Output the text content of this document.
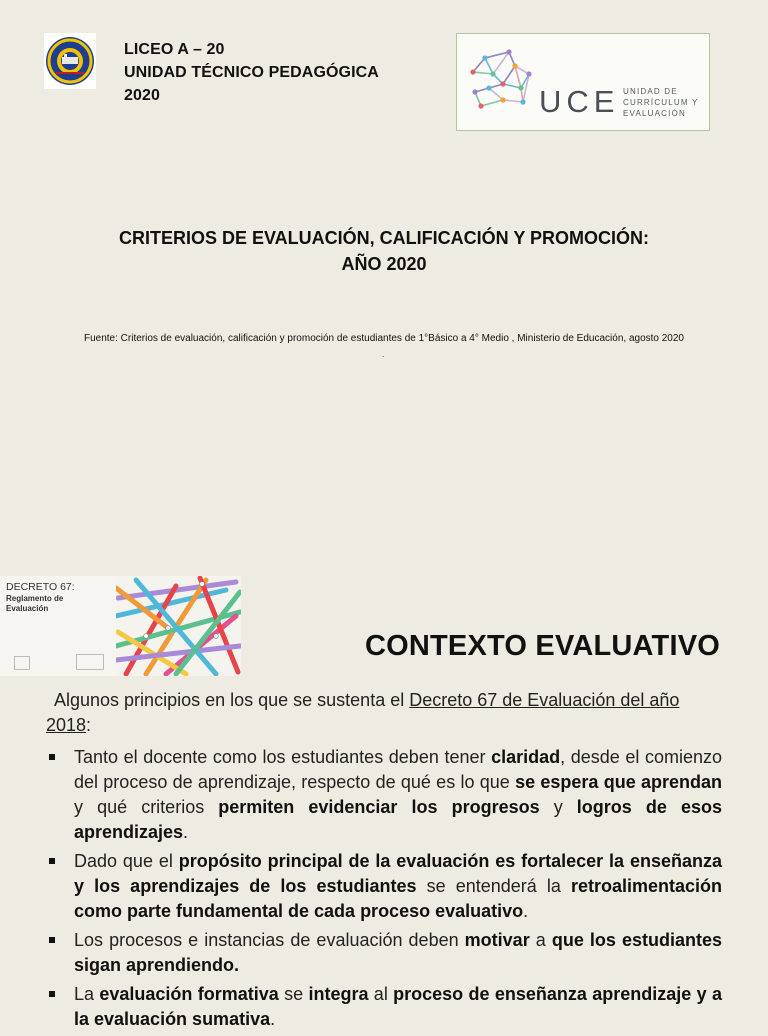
LICEO A – 20
UNIDAD TÉCNICO PEDAGÓGICA
2020	UCE UNIDAD DE
CURRÍCULUM Y
EVALUACIÓN
CRITERIOS DE EVALUACIÓN, CALIFICACIÓN Y PROMOCIÓN:
AÑO 2020
Fuente: Criterios de evaluación, calificación y promoción de estudiantes de 1°Básico a 4° Medio , Ministerio de Educación, agosto 2020
.
DECRETO 67:
Reglamento de
Evaluación
CONTEXTO EVALUATIVO
Algunos principios en los que se sustenta el Decreto 67 de Evaluación del año 2018:
Tanto el docente como los estudiantes deben tener claridad, desde el comienzo del proceso de aprendizaje, respecto de qué es lo que se espera que aprendan y qué criterios permiten evidenciar los progresos y logros de esos aprendizajes.
Dado que el propósito principal de la evaluación es fortalecer la enseñanza y los aprendizajes de los estudiantes se entenderá la retroalimentación como parte fundamental de cada proceso evaluativo.
Los procesos e instancias de evaluación deben motivar a que los estudiantes sigan aprendiendo.
La evaluación formativa se integra al proceso de enseñanza aprendizaje y a la evaluación sumativa.
